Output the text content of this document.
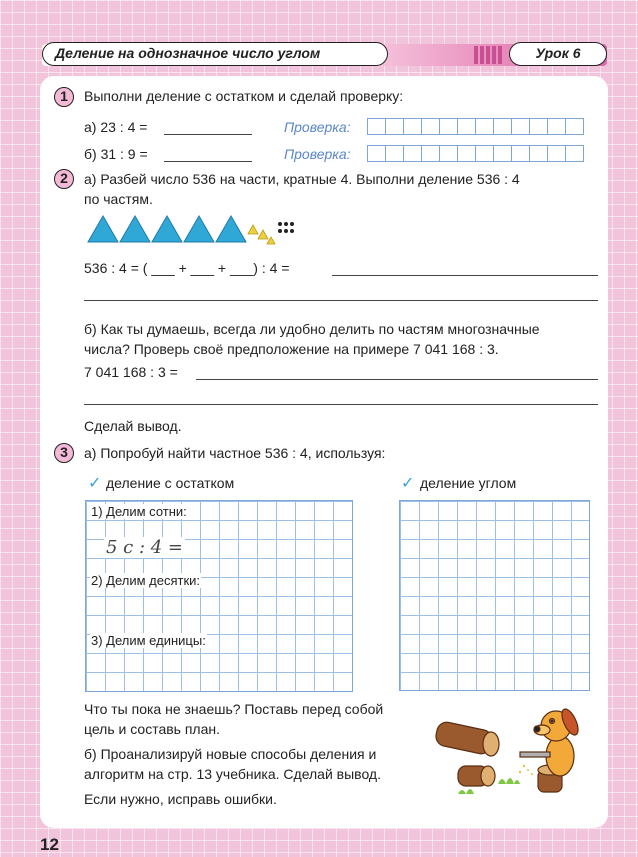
Деление на однозначное число углом	Урок 6
1	Выполни деление с остатком и сделай проверку:
а) 23 : 4 =	Проверка:
б) 31 : 9 =	Проверка:
2	а) Разбей число 536 на части, кратные 4. Выполни деление 536 : 4
по частям.
536 : 4 = ( ___ + ___ + ___) : 4 =
б) Как ты думаешь, всегда ли удобно делить по частям многозначные
числа? Проверь своё предположение на примере 7 041 168 : 3.
7 041 168 : 3 =
Сделай вывод.
3	а) Попробуй найти частное 536 : 4, используя:
✓ деление с остатком	✓ деление углом
1) Делим сотни:
5 с : 4 =
2) Делим десятки:
3) Делим единицы:
Что ты пока не знаешь? Поставь перед собой
цель и составь план.
б) Проанализируй новые способы деления и
алгоритм на стр. 13 учебника. Сделай вывод.
Если нужно, исправь ошибки.
12
